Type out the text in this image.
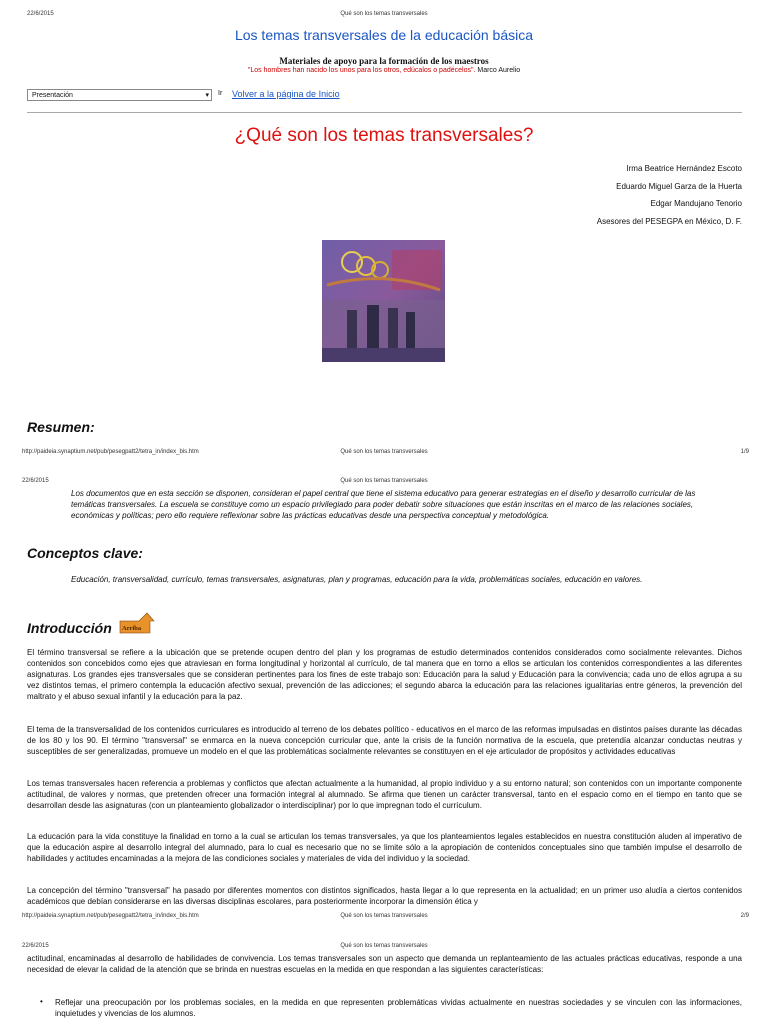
22/6/2015	Qué son los temas transversales
Los temas transversales de la educación básica
Materiales de apoyo para la formación de los maestros
"Los hombres han nacido los unos para los otros, edúcalos o padécelos". Marco Aurelio
Presentación	▾ Ir Volver a la página de Inicio
¿Qué son los temas transversales?
Irma Beatrice Hernández Escoto
Eduardo Miguel Garza de la Huerta
Edgar Mandujano Tenorio
Asesores del PESEGPA en México, D. F.
Resumen:
http://paideia.synaptium.net/pub/pesegpatt2/tetra_in/index_bis.htm	Qué son los temas transversales	1/9
22/6/2015	Qué son los temas transversales
Los documentos que en esta sección se disponen, consideran el papel central que tiene el sistema educativo para generar estrategias en el diseño y desarrollo curricular de las temáticas transversales. La escuela se constituye como un espacio privilegiado para poder debatir sobre situaciones que están inscritas en el marco de las relaciones sociales, económicas y políticas; pero ello requiere reflexionar sobre las prácticas educativas desde una perspectiva conceptual y metodológica.
Conceptos clave:
Educación, transversalidad, currículo, temas transversales, asignaturas, plan y programas, educación para la vida, problemáticas sociales, educación en valores.
Introducción Arriba
El término transversal se refiere a la ubicación que se pretende ocupen dentro del plan y los programas de estudio determinados contenidos considerados como socialmente relevantes. Dichos contenidos son concebidos como ejes que atraviesan en forma longitudinal y horizontal al currículo, de tal manera que en torno a ellos se articulan los contenidos correspondientes a las diferentes asignaturas. Los grandes ejes transversales que se consideran pertinentes para los fines de este trabajo son: Educación para la salud y Educación para la convivencia; cada uno de ellos agrupa a su vez distintos temas, el primero contempla la educación afectivo sexual, prevención de las adicciones; el segundo abarca la educación para las relaciones igualitarias entre géneros, la prevención del maltrato y el abuso sexual infantil y la educación para la paz.
El tema de la transversalidad de los contenidos curriculares es introducido al terreno de los debates político - educativos en el marco de las reformas impulsadas en distintos países durante las décadas de los 80 y los 90. El término "transversal" se enmarca en la nueva concepción curricular que, ante la crisis de la función normativa de la escuela, que pretendía alcanzar conductas neutras y susceptibles de ser generalizadas, promueve un modelo en el que las problemáticas socialmente relevantes se constituyen en el eje articulador de propósitos y actividades educativas
Los temas transversales hacen referencia a problemas y conflictos que afectan actualmente a la humanidad, al propio individuo y a su entorno natural; son contenidos con un importante componente actitudinal, de valores y normas, que pretenden ofrecer una formación integral al alumnado. Se afirma que tienen un carácter transversal, tanto en el espacio como en el tiempo en tanto que se desarrollan desde las asignaturas (con un planteamiento globalizador o interdisciplinar) por lo que impregnan todo el currículum.
La educación para la vida constituye la finalidad en torno a la cual se articulan los temas transversales, ya que los planteamientos legales establecidos en nuestra constitución aluden al imperativo de que la educación aspire al desarrollo integral del alumnado, para lo cual es necesario que no se limite sólo a la apropiación de contenidos conceptuales sino que también impulse el desarrollo de habilidades y actitudes encaminadas a la mejora de las condiciones sociales y materiales de vida del individuo y la sociedad.
La concepción del término "transversal" ha pasado por diferentes momentos con distintos significados, hasta llegar a lo que representa en la actualidad; en un primer uso aludía a ciertos contenidos académicos que debían considerarse en las diversas disciplinas escolares, para posteriormente incorporar la dimensión ética y
http://paideia.synaptium.net/pub/pesegpatt2/tetra_in/index_bis.htm	Qué son los temas transversales	2/9
22/6/2015	Qué son los temas transversales
actitudinal, encaminadas al desarrollo de habilidades de convivencia. Los temas transversales son un aspecto que demanda un replanteamiento de las actuales prácticas educativas, responde a una necesidad de elevar la calidad de la atención que se brinda en nuestras escuelas en la medida en que respondan a las siguientes características:
• Reflejar una preocupación por los problemas sociales, en la medida en que representen problemáticas vividas actualmente en nuestras sociedades y se vinculen con las informaciones, inquietudes y vivencias de los alumnos.
